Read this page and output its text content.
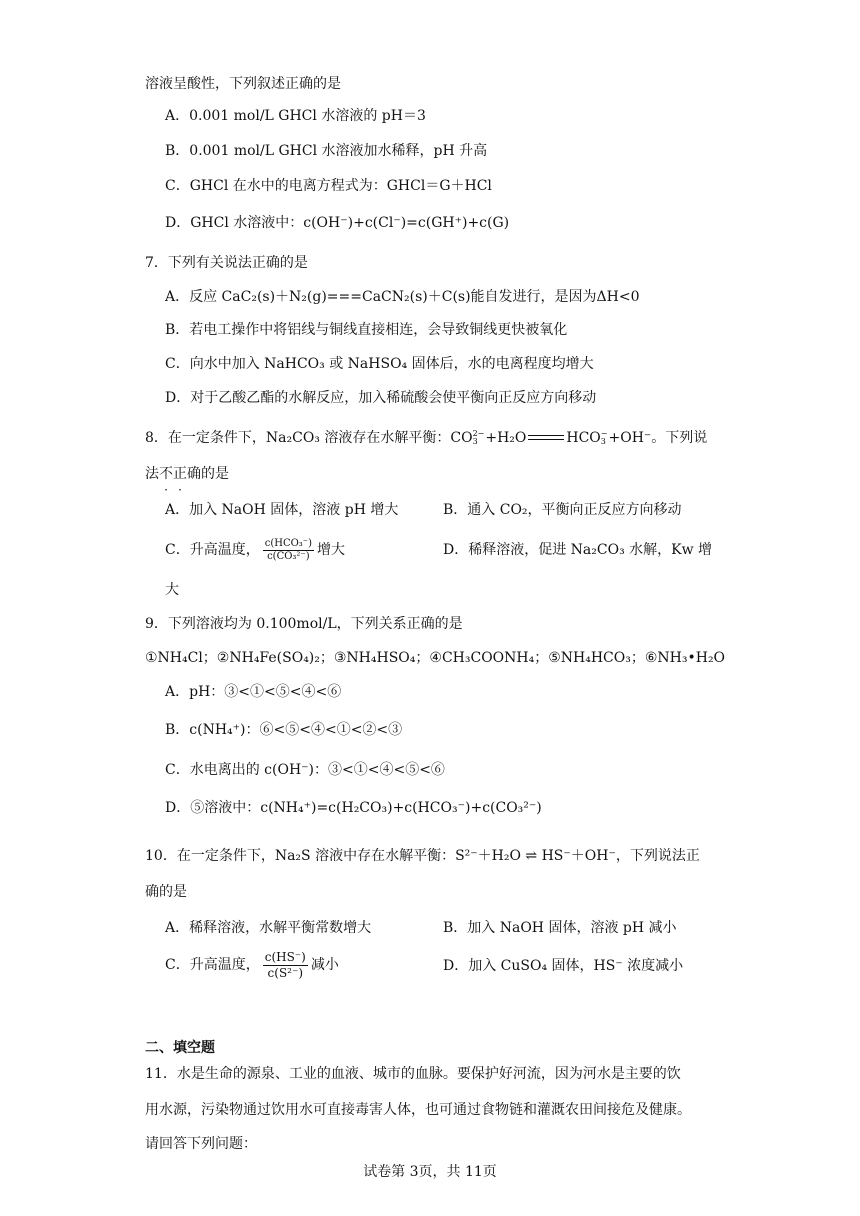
溶液呈酸性，下列叙述正确的是
A．0.001 mol/L GHCl 水溶液的 pH＝3
B．0.001 mol/L GHCl 水溶液加水稀释，pH 升高
C．GHCl 在水中的电离方程式为：GHCl＝G＋HCl
D．GHCl 水溶液中：c(OH⁻)+c(Cl⁻)=c(GH⁺)+c(G)
7．下列有关说法正确的是
A．反应 CaC₂(s)＋N₂(g)===CaCN₂(s)＋C(s)能自发进行，是因为ΔH<0
B．若电工操作中将铝线与铜线直接相连，会导致铜线更快被氧化
C．向水中加入 NaHCO₃ 或 NaHSO₄ 固体后，水的电离程度均增大
D．对于乙酸乙酯的水解反应，加入稀硫酸会使平衡向正反应方向移动
8．在一定条件下，Na₂CO₃ 溶液存在水解平衡：CO 2−
3 +H₂O	HCO −
3 +OH⁻。下列说
法不正确的是
A．加入 NaOH 固体，溶液 pH 增大	B．通入 CO₂，平衡向正反应方向移动
C．升高温度， $\frac{\text{c(HCO₃⁻)}}{\text{c(CO₃²⁻)}}$ 增大	D．稀释溶液，促进 Na₂CO₃ 水解，Kw 增
大
9．下列溶液均为 0.100mol/L，下列关系正确的是
①NH₄Cl；②NH₄Fe(SO₄)₂；③NH₄HSO₄；④CH₃COONH₄；⑤NH₄HCO₃；⑥NH₃•H₂O
A．pH：③<①<⑤<④<⑥
B．c(NH₄⁺)：⑥<⑤<④<①<②<③
C．水电离出的 c(OH⁻)：③<①<④<⑤<⑥
D．⑤溶液中：c(NH₄⁺)=c(H₂CO₃)+c(HCO₃⁻)+c(CO₃²⁻)
10．在一定条件下，Na₂S 溶液中存在水解平衡：S²⁻＋H₂O ⇌ HS⁻＋OH⁻，下列说法正
确的是
A．稀释溶液，水解平衡常数增大	B．加入 NaOH 固体，溶液 pH 减小
C．升高温度， $\frac{c(HS^-)}{\text{c(S²⁻)}}$ 减小	D．加入 CuSO₄ 固体，HS⁻ 浓度减小
二、填空题
11．水是生命的源泉、工业的血液、城市的血脉。要保护好河流，因为河水是主要的饮
用水源，污染物通过饮用水可直接毒害人体，也可通过食物链和灌溉农田间接危及健康。
请回答下列问题：
试卷第 3页，共 11页
